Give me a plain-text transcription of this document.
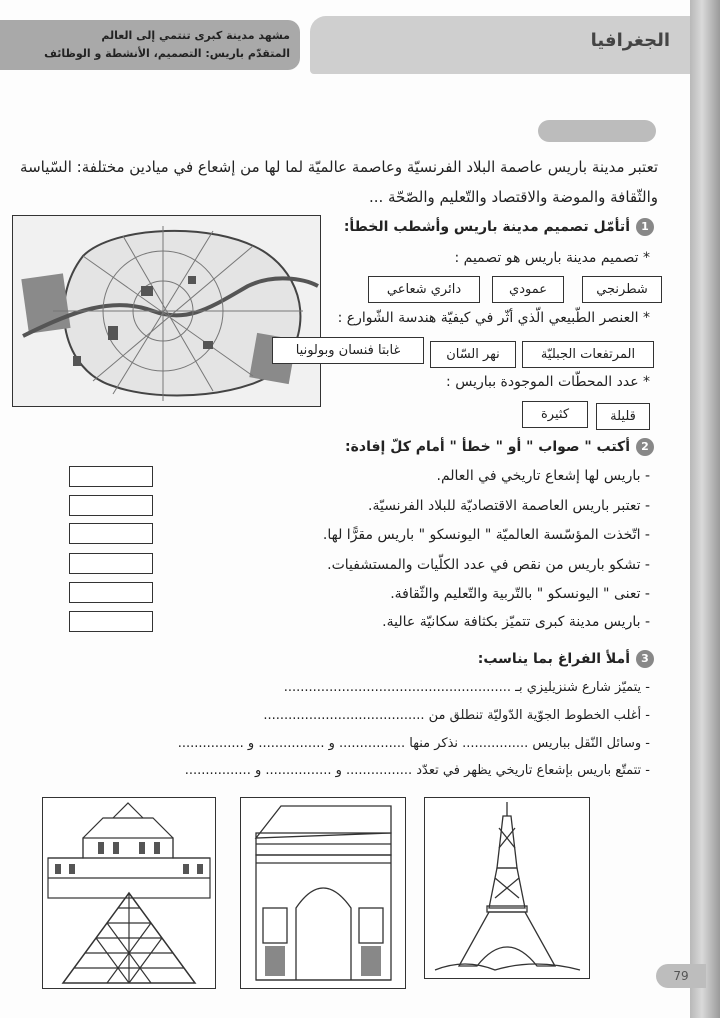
مشهد مدينة كبرى تنتمي إلى العالم
المتقدّم باريس: التصميم، الأنشطة و الوظائف
الجغرافيا
تعتبر مدينة باريس عاصمة البلاد الفرنسيّة وعاصمة عالميّة لما لها من إشعاع في ميادين مختلفة: السّياسة والثّقافة والموضة والاقتصاد والتّعليم والصّحّة ...
1أتأمّل تصميم مدينة باريس وأشطب الخطأ:
* تصميم مدينة باريس هو تصميم :
شطرنجي
عمودي
دائري شعاعي
* العنصر الطّبيعي الّذي أثّر في كيفيّة هندسة الشّوارع :
المرتفعات الجبليّة
نهر السّان
غابتا فنسان وبولونيا
* عدد المحطّات الموجودة بباريس :
قليلة
كثيرة
2أكتب " صواب " أو " خطأ " أمام كلّ إفادة:
- باريس لها إشعاع تاريخي في العالم.
- تعتبر باريس العاصمة الاقتصاديّة للبلاد الفرنسيّة.
- اتّخذت المؤسّسة العالميّة " اليونسكو " باريس مقرًّا لها.
- تشكو باريس من نقص في عدد الكلّيات والمستشفيات.
- تعنى " اليونسكو " بالتّربية والتّعليم والثّقافة.
- باريس مدينة كبرى تتميّز بكثافة سكانيّة عالية.
3أملأ الفراغ بما يناسب:
- يتميّز شارع شنزيليزي بـ .......................................................
- أغلب الخطوط الجوّية الدّوليّة تنطلق من .......................................
- وسائل النّقل بباريس ................ نذكر منها ................ و ................ و ................
- تتمتّع باريس بإشعاع تاريخي يظهر في تعدّد ................ و ................ و ................
79
